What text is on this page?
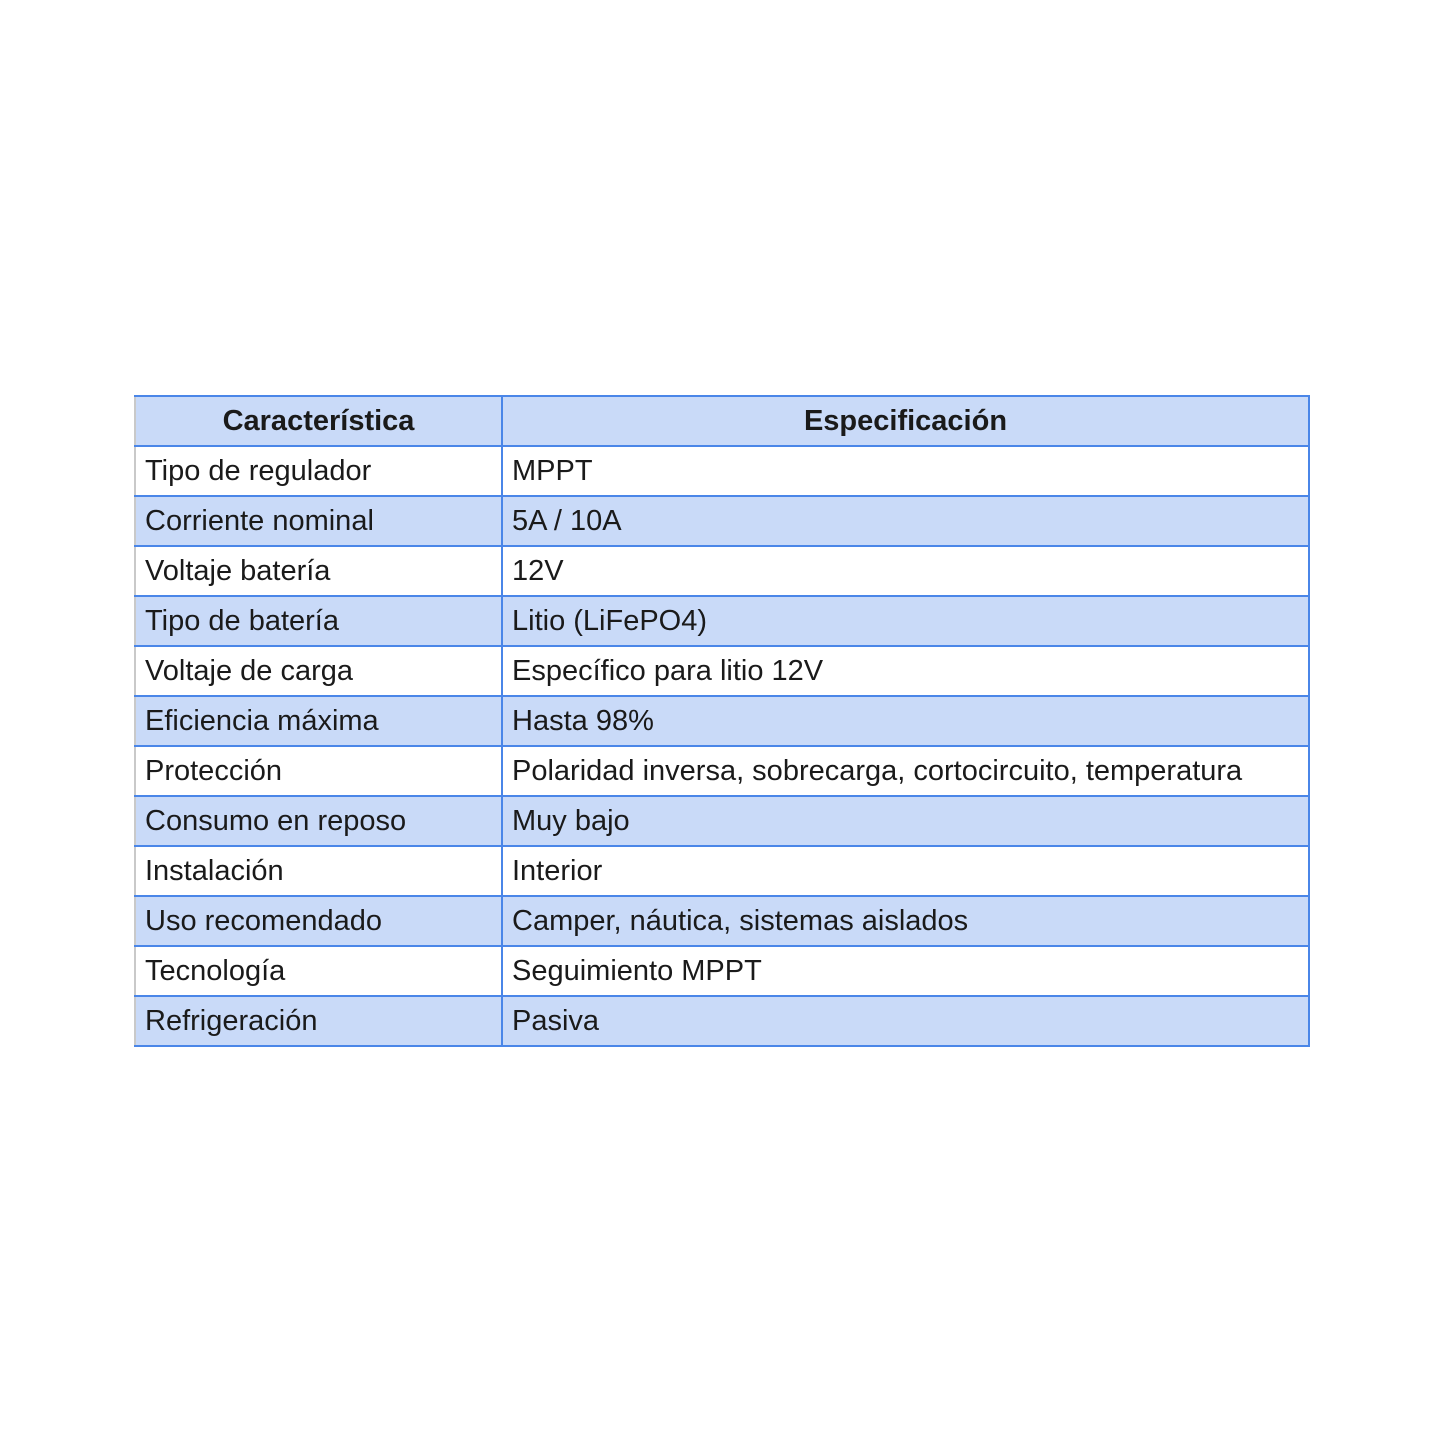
Característica	Especificación
Tipo de regulador	MPPT
Corriente nominal	5A / 10A
Voltaje batería	12V
Tipo de batería	Litio (LiFePO4)
Voltaje de carga	Específico para litio 12V
Eficiencia máxima	Hasta 98%
Protección	Polaridad inversa, sobrecarga, cortocircuito, temperatura
Consumo en reposo	Muy bajo
Instalación	Interior
Uso recomendado	Camper, náutica, sistemas aislados
Tecnología	Seguimiento MPPT
Refrigeración	Pasiva
